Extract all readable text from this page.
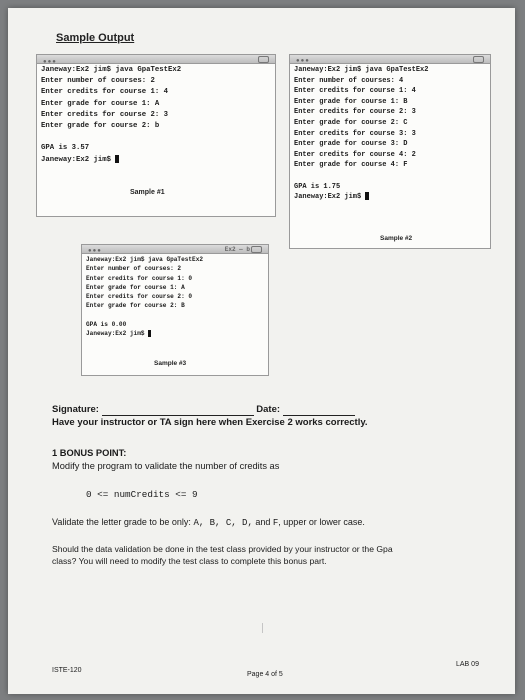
Sample Output
●●●
Janeway:Ex2 jim$ java GpaTestEx2
Enter number of courses: 2
Enter credits for course 1: 4
Enter grade for course 1: A
Enter credits for course 2: 3
Enter grade for course 2: b

GPA is 3.57
Janeway:Ex2 jim$
Sample #1
●●●
Janeway:Ex2 jim$ java GpaTestEx2
Enter number of courses: 4
Enter credits for course 1: 4
Enter grade for course 1: B
Enter credits for course 2: 3
Enter grade for course 2: C
Enter credits for course 3: 3
Enter grade for course 3: D
Enter credits for course 4: 2
Enter grade for course 4: F

GPA is 1.75
Janeway:Ex2 jim$
Sample #2
●●●	Ex2 — b
Janeway:Ex2 jim$ java GpaTestEx2
Enter number of courses: 2
Enter credits for course 1: 0
Enter grade for course 1: A
Enter credits for course 2: 0
Enter grade for course 2: B

GPA is 0.00
Janeway:Ex2 jim$
Sample #3
Signature:	Date:
Have your instructor or TA sign here when Exercise 2 works correctly.
1 BONUS POINT:
Modify the program to validate the number of credits as
0 <= numCredits <= 9
Validate the letter grade to be only: A, B, C, D, and F, upper or lower case.
Should the data validation be done in the test class provided by your instructor or the Gpa
class? You will need to modify the test class to complete this bonus part.
ISTE-120
Page 4 of 5
LAB 09
